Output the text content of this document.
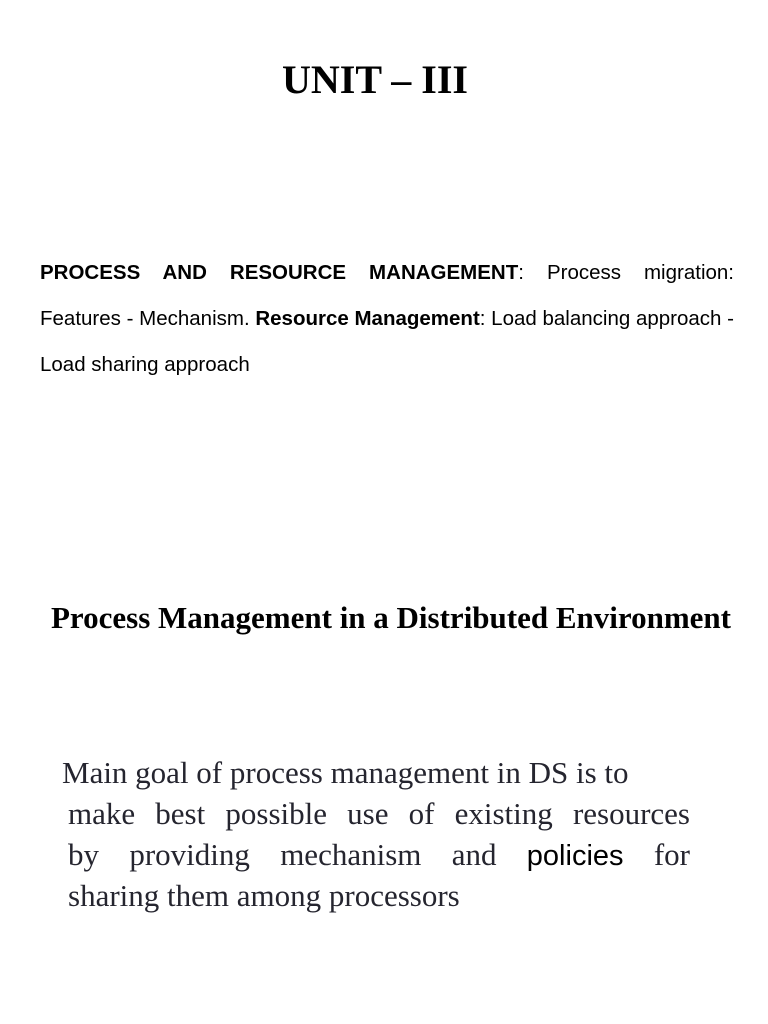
UNIT – III

PROCESS AND RESOURCE MANAGEMENT: Process migration: Features - Mechanism. Resource Management: Load balancing approach - Load sharing approach

Process Management in a Distributed Environment

Main goal of process management in DS is to

make best possible use of existing resources

by providing mechanism and policies for

sharing them among processors
